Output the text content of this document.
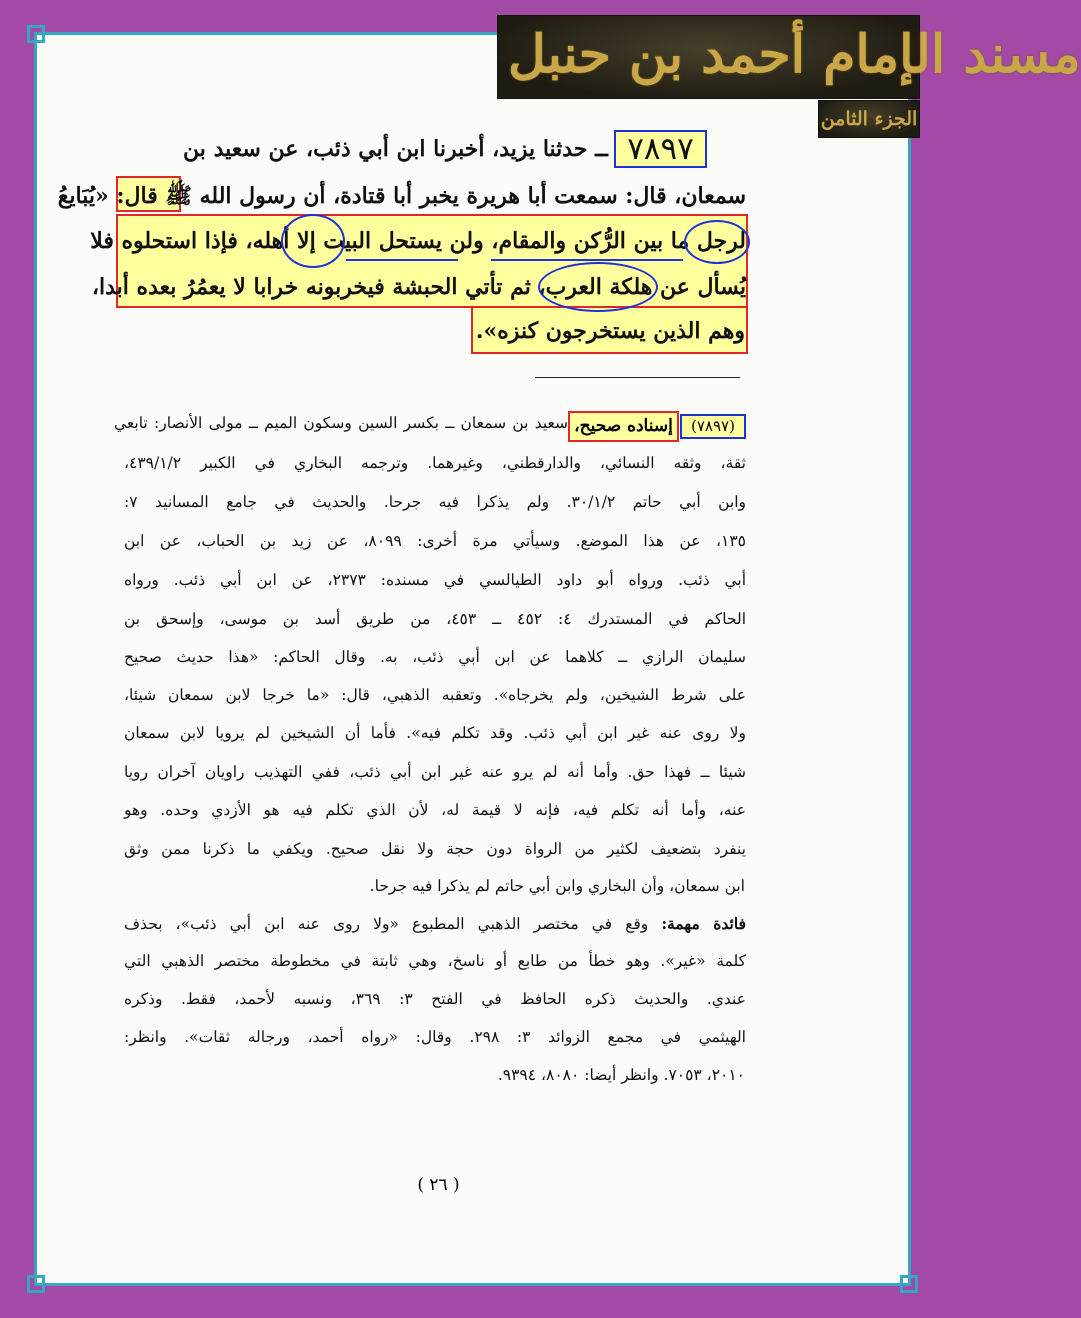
مسند الإمام أحمد بن حنبل
الجزء الثامن
٧٨٩٧
ــ حدثنا يزيد، أخبرنا ابن أبي ذئب، عن سعيد بن
سمعان، قال: سمعت أبا هريرة يخبر أبا قتادة، أن رسول الله ﷺ قال: «يُبَايعُ
لرجل ما بين الرُّكن والمقام، ولن يستحل البيت إلا أهله، فإذا استحلوه فلا
يُسأل عن هلكة العرب، ثم تأتي الحبشة فيخربونه خرابا لا يعمُرُ بعده أبدا،
وهم الذين يستخرجون كنزه».
(٧٨٩٧)
إسناده صحيح،
سعيد بن سمعان ــ بكسر السين وسكون الميم ــ مولى الأنصار: تابعي
ثقة، وثقه النسائي، والدارقطني، وغيرهما. وترجمه البخاري في الكبير ٤٣٩/١/٢،
وابن أبي حاتم ٣٠/١/٢. ولم يذكرا فيه جرحا. والحديث في جامع المسانيد ٧:
١٣٥، عن هذا الموضع. وسيأتي مرة أخرى: ٨٠٩٩، عن زيد بن الحباب، عن ابن
أبي ذئب. ورواه أبو داود الطيالسي في مسنده: ٢٣٧٣، عن ابن أبي ذئب. ورواه
الحاكم في المستدرك ٤: ٤٥٢ ــ ٤٥٣، من طريق أسد بن موسى، وإسحق بن
سليمان الرازي ــ كلاهما عن ابن أبي ذئب، به. وقال الحاكم: «هذا حديث صحيح
على شرط الشيخين، ولم يخرجاه». وتعقبه الذهبي، قال: «ما خرجا لابن سمعان شيئا،
ولا روى عنه غير ابن أبي ذئب. وقد تكلم فيه». فأما أن الشيخين لم يرويا لابن سمعان
شيئا ــ فهذا حق. وأما أنه لم يرو عنه غير ابن أبي ذئب، ففي التهذيب راويان آخران رويا
عنه، وأما أنه تكلم فيه، فإنه لا قيمة له، لأن الذي تكلم فيه هو الأزدي وحده. وهو
ينفرد بتضعيف لكثير من الرواة دون حجة ولا نقل صحيح. ويكفي ما ذكرنا ممن وثق
ابن سمعان، وأن البخاري وابن أبي حاتم لم يذكرا فيه جرحا.
فائدة مهمة: وقع في مختصر الذهبي المطبوع «ولا روى عنه ابن أبي ذئب»، بحذف
كلمة «غير». وهو خطأ من طابع أو ناسخ، وهي ثابتة في مخطوطة مختصر الذهبي التي
عندي. والحديث ذكره الحافظ في الفتح ٣: ٣٦٩، ونسبه لأحمد، فقط. وذكره
الهيثمي في مجمع الزوائد ٣: ٢٩٨. وقال: «رواه أحمد، ورجاله ثقات». وانظر:
٢٠١٠، ٧٠٥٣. وانظر أيضا: ٨٠٨٠، ٩٣٩٤.
( ٢٦ )
